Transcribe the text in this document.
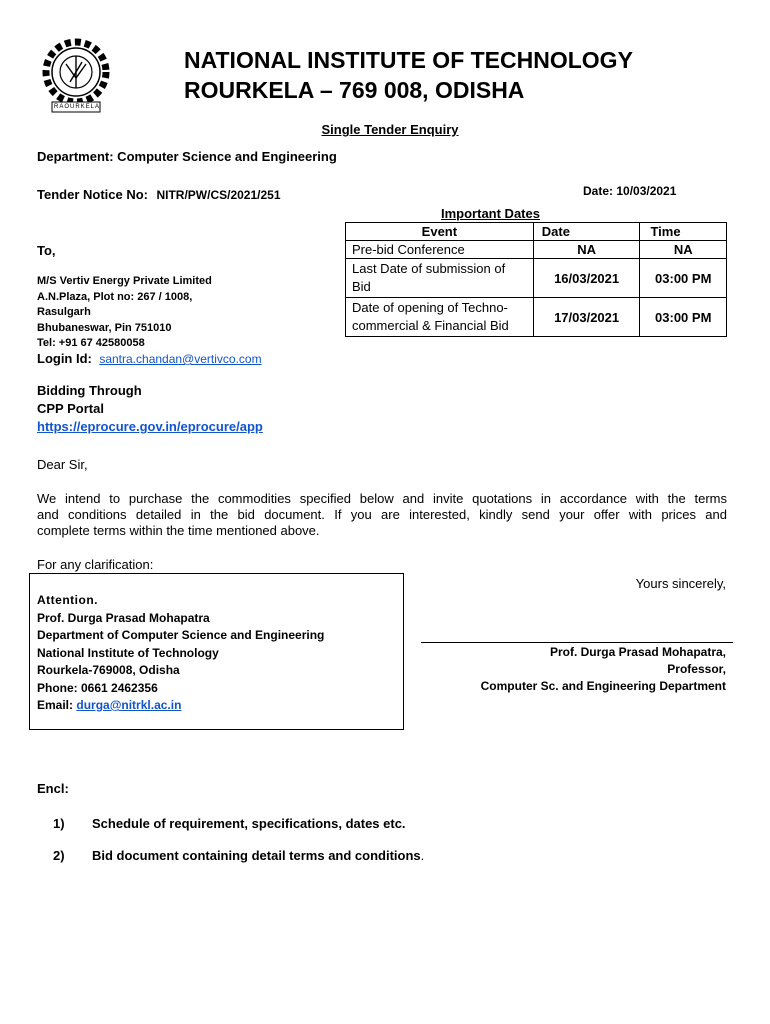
RAOURKELA
NATIONAL INSTITUTE OF TECHNOLOGY
ROURKELA – 769 008, ODISHA
Single Tender Enquiry
Department: Computer Science and Engineering
Tender Notice No: NITR/PW/CS/2021/251	Date: 10/03/2021
Important Dates
Event	Date	Time
Pre-bid Conference	NA	NA

Last Date of submission of
Bid	16/03/2021	03:00 PM

Date of opening of Techno-
commercial & Financial Bid	17/03/2021	03:00 PM
To,
M/S Vertiv Energy Private Limited
A.N.Plaza, Plot no: 267 / 1008,
Rasulgarh
Bhubaneswar, Pin 751010
Tel: +91 67 42580058
Login Id: santra.chandan@vertivco.com
Bidding Through
CPP Portal
https://eprocure.gov.in/eprocure/app
Dear Sir,
We intend to purchase the commodities specified below and invite quotations in accordance with the terms
and conditions detailed in the bid document. If you are interested, kindly send your offer with prices and
complete terms within the time mentioned above.
For any clarification:
Attention.
Prof. Durga Prasad Mohapatra
Department of Computer Science and Engineering
National Institute of Technology
Rourkela-769008, Odisha
Phone: 0661 2462356
Email: durga@nitrkl.ac.in
Yours sincerely,
Prof. Durga Prasad Mohapatra,
Professor,
Computer Sc. and Engineering Department
Encl:
1) Schedule of requirement, specifications, dates etc.
2) Bid document containing detail terms and conditions.
